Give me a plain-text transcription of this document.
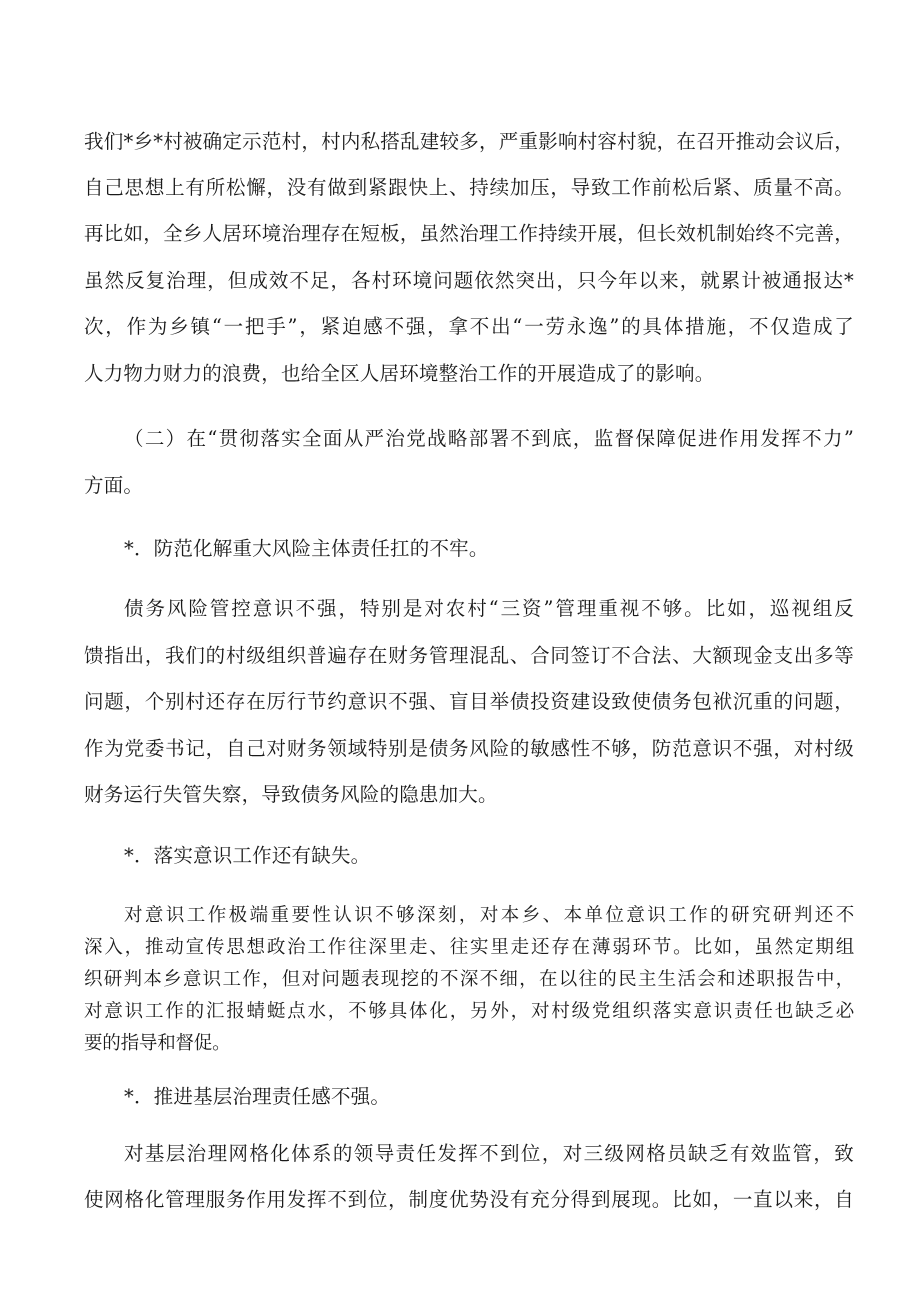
我们*乡*村被确定示范村，村内私搭乱建较多，严重影响村容村貌，在召开推动会议后，
自己思想上有所松懈，没有做到紧跟快上、持续加压，导致工作前松后紧、质量不高。
再比如，全乡人居环境治理存在短板，虽然治理工作持续开展，但长效机制始终不完善，
虽然反复治理，但成效不足，各村环境问题依然突出，只今年以来，就累计被通报达*
次，作为乡镇“一把手”，紧迫感不强，拿不出“一劳永逸”的具体措施，不仅造成了
人力物力财力的浪费，也给全区人居环境整治工作的开展造成了的影响。
（二）在“贯彻落实全面从严治党战略部署不到底，监督保障促进作用发挥不力”
方面。
*．防范化解重大风险主体责任扛的不牢。
债务风险管控意识不强，特别是对农村“三资”管理重视不够。比如，巡视组反
馈指出，我们的村级组织普遍存在财务管理混乱、合同签订不合法、大额现金支出多等
问题，个别村还存在厉行节约意识不强、盲目举债投资建设致使债务包袱沉重的问题，
作为党委书记，自己对财务领域特别是债务风险的敏感性不够，防范意识不强，对村级
财务运行失管失察，导致债务风险的隐患加大。
*．落实意识工作还有缺失。
对意识工作极端重要性认识不够深刻，对本乡、本单位意识工作的研究研判还不
深入，推动宣传思想政治工作往深里走、往实里走还存在薄弱环节。比如，虽然定期组
织研判本乡意识工作，但对问题表现挖的不深不细，在以往的民主生活会和述职报告中，
对意识工作的汇报蜻蜓点水，不够具体化，另外，对村级党组织落实意识责任也缺乏必
要的指导和督促。
*．推进基层治理责任感不强。
对基层治理网格化体系的领导责任发挥不到位，对三级网格员缺乏有效监管，致
使网格化管理服务作用发挥不到位，制度优势没有充分得到展现。比如，一直以来，自
